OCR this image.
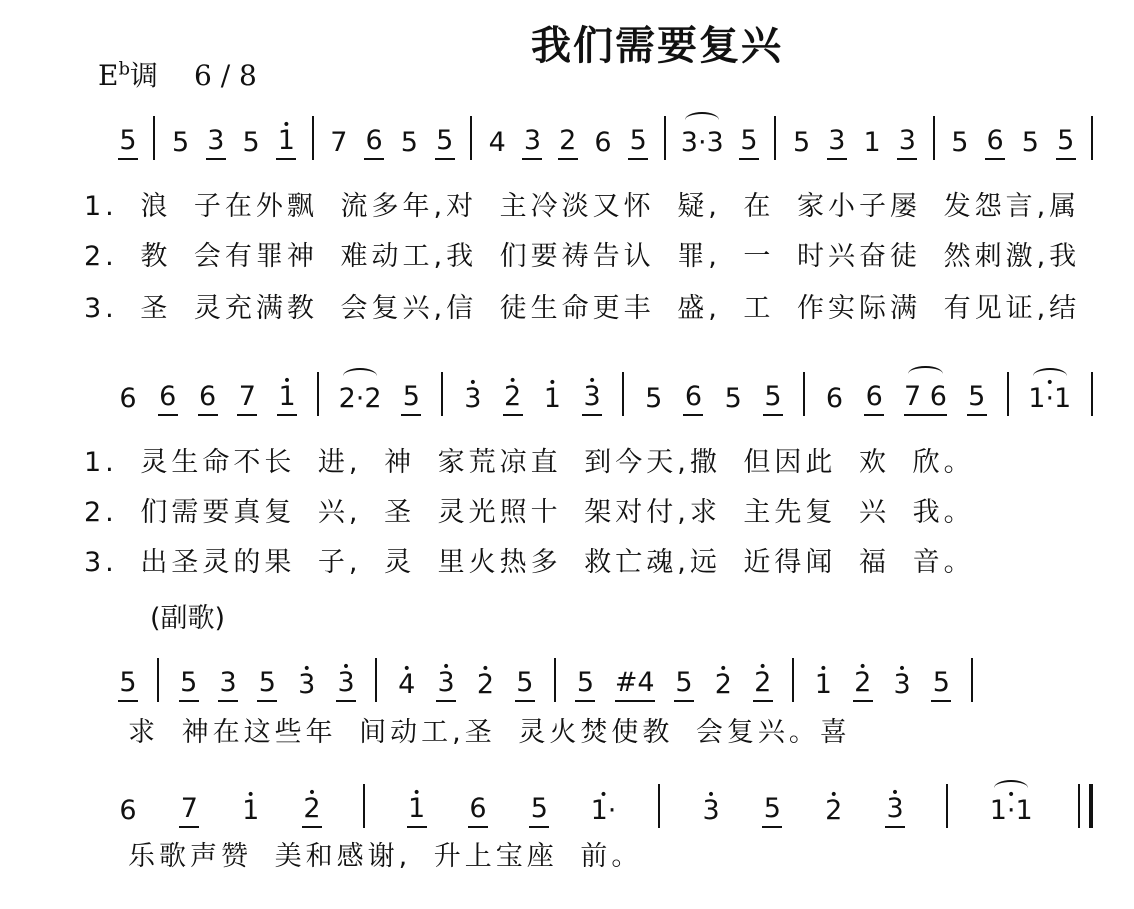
我们需要复兴
$E^b$调 6 / 8
5 5 3 5 • 1 7 6 5 5 4 3 2 6 5 3·3 5 5 3 1 3 5 6 5 5
1. 浪 子在外飘 流多年,对 主冷淡又怀 疑, 在 家小子屡 发怨言,属
2. 教 会有罪神 难动工,我 们要祷告认 罪, 一 时兴奋徒 然刺激,我
3. 圣 灵充满教 会复兴,信 徒生命更丰 盛, 工 作实际满 有见证,结
6 6 6 7 • 1 2·2 5 • 3 • 2 • 1 • 3 5 6 5 5 6 6 7 6 5 • 1·1
1. 灵生命不长 进, 神 家荒凉直 到今天,撒 但因此 欢 欣。
2. 们需要真复 兴, 圣 灵光照十 架对付,求 主先复 兴 我。
3. 出圣灵的果 子, 灵 里火热多 救亡魂,远 近得闻 福 音。
(副歌)
5 5 3 5 • 3 • 3 • 4 • 3 • 2 5 5 #4 5 • 2 • 2 • 1 • 2 • 3 5
求 神在这些年 间动工,圣 灵火焚使教 会复兴。喜
6 7 • 1 • 2	• 1 6 5 • 1·	• 3 5 • 2 • 3	• 1·1
乐歌声赞 美和感谢, 升上宝座 前。
